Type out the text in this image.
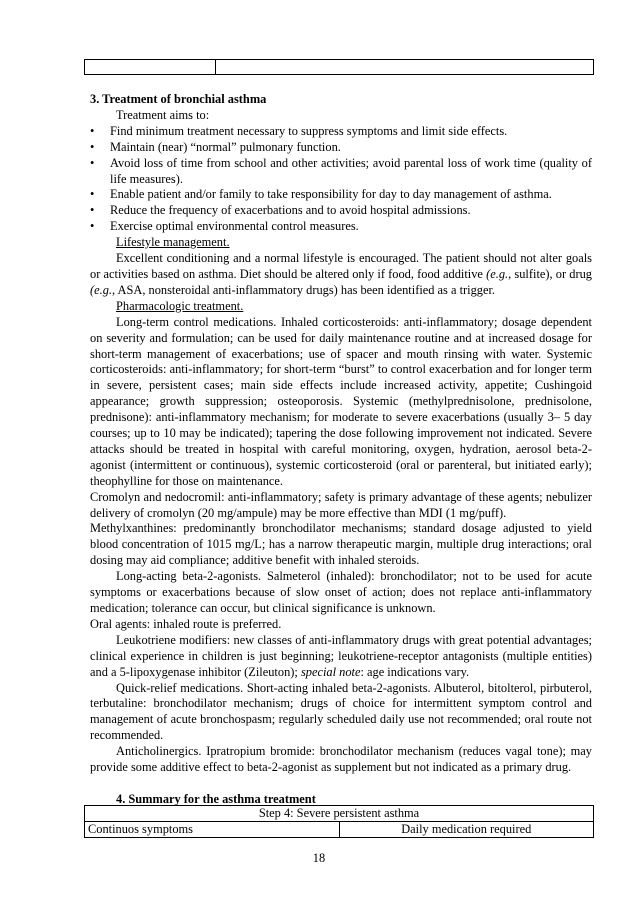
3. Treatment of bronchial asthma

Treatment aims to:

•	Find minimum treatment necessary to suppress symptoms and limit side effects.
•	Maintain (near) “normal” pulmonary function.
•	Avoid loss of time from school and other activities; avoid parental loss of work time (quality of life measures).
•	Enable patient and/or family to take responsibility for day to day management of asthma.
•	Reduce the frequency of exacerbations and to avoid hospital admissions.
•	Exercise optimal environmental control measures.

Lifestyle management.

Excellent conditioning and a normal lifestyle is encouraged. The patient should not alter goals or activities based on asthma. Diet should be altered only if food, food additive (e.g., sulfite), or drug (e.g., ASA, nonsteroidal anti-inflammatory drugs) has been identified as a trigger.

Pharmacologic treatment.

Long-term control medications. Inhaled corticosteroids: anti-inflammatory; dosage dependent on severity and formulation; can be used for daily maintenance routine and at increased dosage for short-term management of exacerbations; use of spacer and mouth rinsing with water. Systemic corticosteroids: anti-inflammatory; for short-term “burst” to control exacerbation and for longer term in severe, persistent cases; main side effects include increased activity, appetite; Cushingoid appearance; growth suppression; osteoporosis. Systemic (methylprednisolone, prednisolone, prednisone): anti-inflammatory mechanism; for moderate to severe exacerbations (usually 3– 5 day courses; up to 10 may be indicated); tapering the dose following improvement not indicated. Severe attacks should be treated in hospital with careful monitoring, oxygen, hydration, aerosol beta-2-agonist (intermittent or continuous), systemic corticosteroid (oral or parenteral, but initiated early); theophylline for those on maintenance.

Cromolyn and nedocromil: anti-inflammatory; safety is primary advantage of these agents; nebulizer delivery of cromolyn (20 mg/ampule) may be more effective than MDI (1 mg/puff).

Methylxanthines: predominantly bronchodilator mechanisms; standard dosage adjusted to yield blood concentration of 1015 mg/L; has a narrow therapeutic margin, multiple drug interactions; oral dosing may aid compliance; additive benefit with inhaled steroids.

Long-acting beta-2-agonists. Salmeterol (inhaled): bronchodilator; not to be used for acute symptoms or exacerbations because of slow onset of action; does not replace anti-inflammatory medication; tolerance can occur, but clinical significance is unknown.

Oral agents: inhaled route is preferred.

Leukotriene modifiers: new classes of anti-inflammatory drugs with great potential advantages; clinical experience in children is just beginning; leukotriene-receptor antagonists (multiple entities) and a 5-lipoxygenase inhibitor (Zileuton); special note: age indications vary.

Quick-relief medications. Short-acting inhaled beta-2-agonists. Albuterol, bitolterol, pirbuterol, terbutaline: bronchodilator mechanism; drugs of choice for intermittent symptom control and management of acute bronchospasm; regularly scheduled daily use not recommended; oral route not recommended.

Anticholinergics. Ipratropium bromide: bronchodilator mechanism (reduces vagal tone); may provide some additive effect to beta-2-agonist as supplement but not indicated as a primary drug.

4. Summary for the asthma treatment

Step 4: Severe persistent asthma
Continuos symptoms	Daily medication required
18
